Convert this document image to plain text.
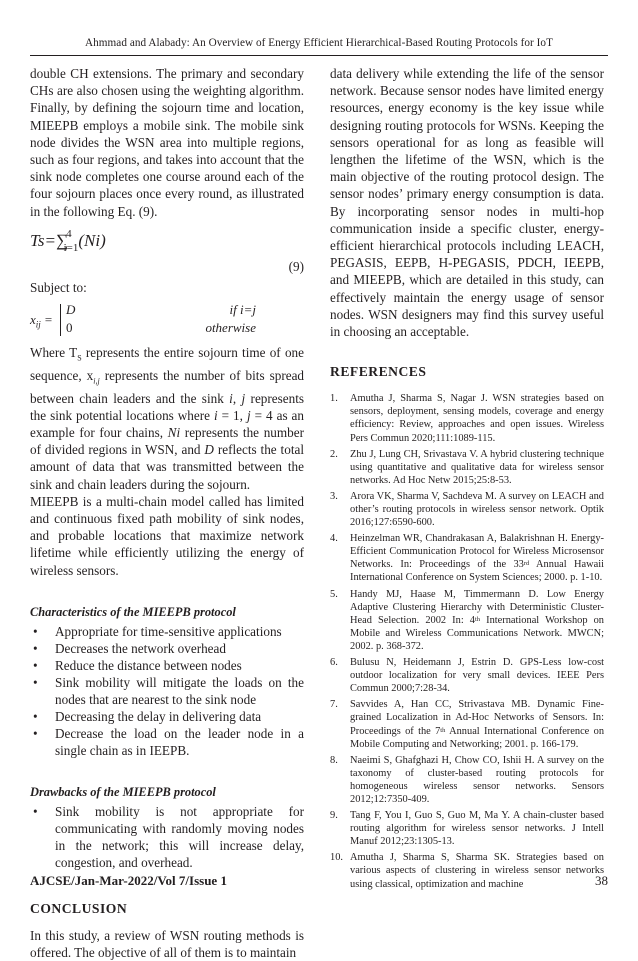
Ahmmad and Alabady: An Overview of Energy Efficient Hierarchical-Based Routing Protocols for IoT

double CH extensions. The primary and secondary CHs are also chosen using the weighting algorithm. Finally, by defining the sojourn time and location, MIEEPB employs a mobile sink. The mobile sink node divides the WSN area into multiple regions, such as four regions, and takes into account that the sink node completes one course around each of the four sojourn places once every round, as illustrated in the following Eq. (9).

Ts=∑$^4_{i=1}$(Ni)
(9)

Subject to:

$x_{ij}$ =
D	if i=j
0	otherwise

Where $T_S$ represents the entire sojourn time of one sequence, $x_{i,j}$ represents the number of bits spread between chain leaders and the sink i, j represents the sink potential locations where i = 1, j = 4 as an example for four chains, Ni represents the number of divided regions in WSN, and D reflects the total amount of data that was transmitted between the sink and chain leaders during the sojourn.

MIEEPB is a multi-chain model called has limited and continuous fixed path mobility of sink nodes, and probable locations that maximize network lifetime while efficiently utilizing the energy of wireless sensors.

Characteristics of the MIEEPB protocol

• Appropriate for time-sensitive applications
• Decreases the network overhead
• Reduce the distance between nodes
• Sink mobility will mitigate the loads on the nodes that are nearest to the sink node
• Decreasing the delay in delivering data
• Decrease the load on the leader node in a single chain as in IEEPB.

Drawbacks of the MIEEPB protocol

• Sink mobility is not appropriate for communicating with randomly moving nodes in the network; this will increase delay, congestion, and overhead.

CONCLUSION

In this study, a review of WSN routing methods is offered. The objective of all of them is to maintain

data delivery while extending the life of the sensor network. Because sensor nodes have limited energy resources, energy economy is the key issue while designing routing protocols for WSNs. Keeping the sensors operational for as long as feasible will lengthen the lifetime of the WSN, which is the main objective of the routing protocol design. The sensor nodes’ primary energy consumption is data. By incorporating sensor nodes in multi-hop communication inside a specific cluster, energy-efficient hierarchical protocols including LEACH, PEGASIS, EEPB, H-PEGASIS, PDCH, IEEPB, and MIEEPB, which are detailed in this study, can effectively maintain the energy usage of sensor nodes. WSN designers may find this survey useful in choosing an acceptable.

REFERENCES

1. Amutha J, Sharma S, Nagar J. WSN strategies based on sensors, deployment, sensing models, coverage and energy efficiency: Review, approaches and open issues. Wireless Pers Commun 2020;111:1089-115.
2. Zhu J, Lung CH, Srivastava V. A hybrid clustering technique using quantitative and qualitative data for wireless sensor networks. Ad Hoc Netw 2015;25:8-53.
3. Arora VK, Sharma V, Sachdeva M. A survey on LEACH and other’s routing protocols in wireless sensor network. Optik 2016;127:6590-600.
4. Heinzelman WR, Chandrakasan A, Balakrishnan H. Energy-Efficient Communication Protocol for Wireless Microsensor Networks. In: Proceedings of the 33rd Annual Hawaii International Conference on System Sciences; 2000. p. 1-10.
5. Handy MJ, Haase M, Timmermann D. Low Energy Adaptive Clustering Hierarchy with Deterministic Cluster-Head Selection. 2002 In: 4th International Workshop on Mobile and Wireless Communications Network. MWCN; 2002. p. 368-372.
6. Bulusu N, Heidemann J, Estrin D. GPS-Less low-cost outdoor localization for very small devices. IEEE Pers Commun 2000;7:28-34.
7. Savvides A, Han CC, Strivastava MB. Dynamic Fine-grained Localization in Ad-Hoc Networks of Sensors. In: Proceedings of the 7th Annual International Conference on Mobile Computing and Networking; 2001. p. 166-179.
8. Naeimi S, Ghafghazi H, Chow CO, Ishii H. A survey on the taxonomy of cluster-based routing protocols for homogeneous wireless sensor networks. Sensors 2012;12:7350-409.
9. Tang F, You I, Guo S, Guo M, Ma Y. A chain-cluster based routing algorithm for wireless sensor networks. J Intell Manuf 2012;23:1305-13.
10. Amutha J, Sharma S, Sharma SK. Strategies based on various aspects of clustering in wireless sensor networks using classical, optimization and machine
AJCSE/Jan-Mar-2022/Vol 7/Issue 1	38
